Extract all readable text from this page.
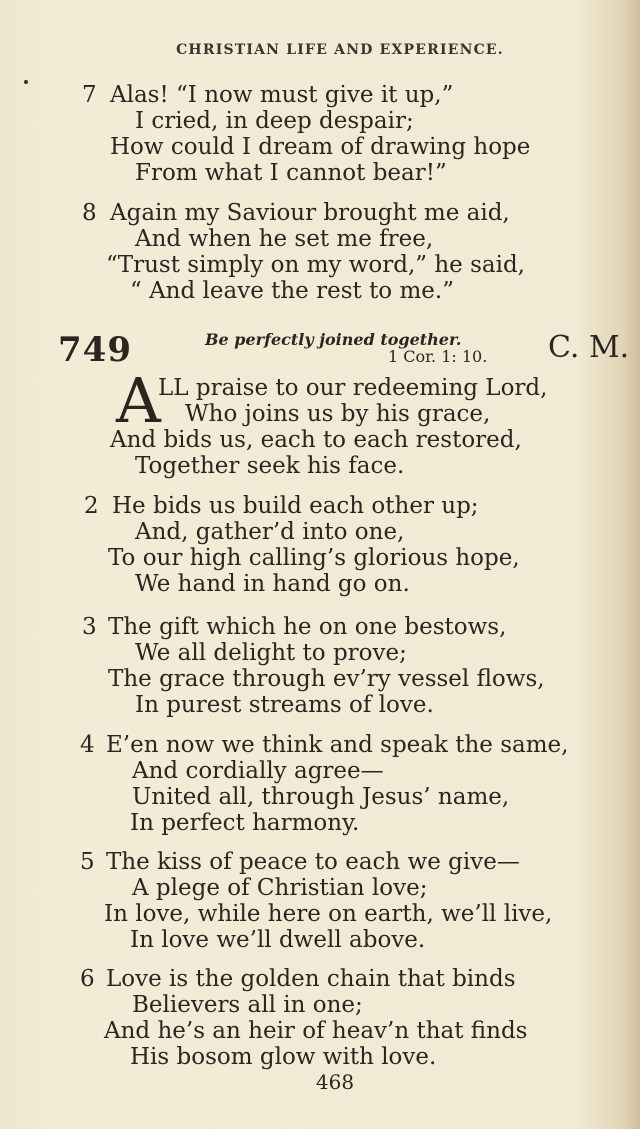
CHRISTIAN LIFE AND EXPERIENCE.
7 Alas! “I now must give it up,”
I cried, in deep despair;
How could I dream of drawing hope
From what I cannot bear!”
8 Again my Saviour brought me aid,
And when he set me free,
“Trust simply on my word,” he said,
“ And leave the rest to me.”
749	Be perfectly joined together.
1 Cor. 1: 10. C. M.
A
LL praise to our redeeming Lord,
Who joins us by his grace,
And bids us, each to each restored,
Together seek his face.
2 He bids us build each other up;
And, gather’d into one,
To our high calling’s glorious hope,
We hand in hand go on.
3 The gift which he on one bestows,
We all delight to prove;
The grace through ev’ry vessel flows,
In purest streams of love.
4 E’en now we think and speak the same,
And cordially agree—
United all, through Jesus’ name,
In perfect harmony.
5 The kiss of peace to each we give—
A plege of Christian love;
In love, while here on earth, we’ll live,
In love we’ll dwell above.
6 Love is the golden chain that binds
Believers all in one;
And he’s an heir of heav’n that finds
His bosom glow with love.
468
